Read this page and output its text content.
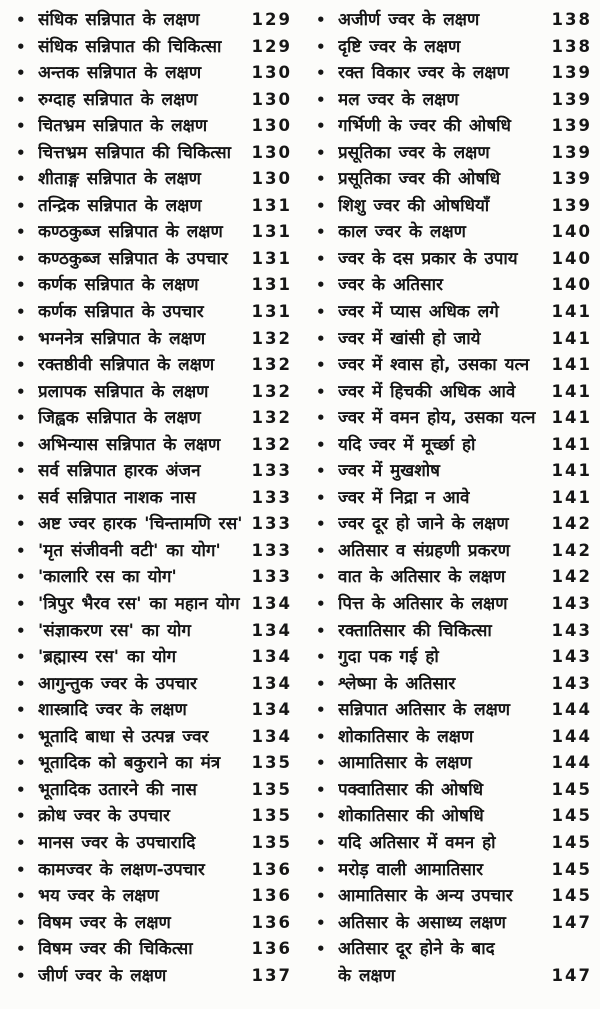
• संधिक सन्निपात के लक्षण	129
• संधिक सन्निपात की चिकित्सा	129
• अन्तक सन्निपात के लक्षण	130
• रुग्दाह सन्निपात के लक्षण	130
• चितभ्रम सन्निपात के लक्षण	130
• चित्तभ्रम सन्निपात की चिकित्सा	130
• शीताङ्ग सन्निपात के लक्षण	130
• तन्द्रिक सन्निपात के लक्षण	131
• कण्ठकुब्ज सन्निपात के लक्षण	131
• कण्ठकुब्ज सन्निपात के उपचार	131
• कर्णक सन्निपात के लक्षण	131
• कर्णक सन्निपात के उपचार	131
• भग्ननेत्र सन्निपात के लक्षण	132
• रक्तष्ठीवी सन्निपात के लक्षण	132
• प्रलापक सन्निपात के लक्षण	132
• जिह्वक सन्निपात के लक्षण	132
• अभिन्यास सन्निपात के लक्षण	132
• सर्व सन्निपात हारक अंजन	133
• सर्व सन्निपात नाशक नास	133
• अष्ट ज्वर हारक 'चिन्तामणि रस' 133
• 'मृत संजीवनी वटी' का योग'	133
• 'कालारि रस का योग'	133
• 'त्रिपुर भैरव रस' का महान योग 134
• 'संज्ञाकरण रस' का योग	134
• 'ब्रह्मास्य रस' का योग	134
• आगुन्तुक ज्वर के उपचार	134
• शास्त्रादि ज्वर के लक्षण	134
• भूतादि बाधा से उत्पन्न ज्वर	134
• भूतादिक को बकुराने का मंत्र	135
• भूतादिक उतारने की नास	135
• क्रोध ज्वर के उपचार	135
• मानस ज्वर के उपचारादि	135
• कामज्वर के लक्षण-उपचार	136
• भय ज्वर के लक्षण	136
• विषम ज्वर के लक्षण	136
• विषम ज्वर की चिकित्सा	136
• जीर्ण ज्वर के लक्षण	137
• अजीर्ण ज्वर के लक्षण	138
• दृष्टि ज्वर के लक्षण	138
• रक्त विकार ज्वर के लक्षण	139
• मल ज्वर के लक्षण	139
• गर्भिणी के ज्वर की ओषधि	139
• प्रसूतिका ज्वर के लक्षण	139
• प्रसूतिका ज्वर की ओषधि	139
• शिशु ज्वर की ओषधियाँ	139
• काल ज्वर के लक्षण	140
• ज्वर के दस प्रकार के उपाय	140
• ज्वर के अतिसार	140
• ज्वर में प्यास अधिक लगे	141
• ज्वर में खांसी हो जाये	141
• ज्वर में श्वास हो, उसका यत्न	141
• ज्वर में हिचकी अधिक आवे	141
• ज्वर में वमन होय, उसका यत्न 141
• यदि ज्वर में मूर्च्छा हो	141
• ज्वर में मुखशोष	141
• ज्वर में निद्रा न आवे	141
• ज्वर दूर हो जाने के लक्षण	142
• अतिसार व संग्रहणी प्रकरण	142
• वात के अतिसार के लक्षण	142
• पित्त के अतिसार के लक्षण	143
• रक्तातिसार की चिकित्सा	143
• गुदा पक गई हो	143
• श्लेष्मा के अतिसार	143
• सन्निपात अतिसार के लक्षण	144
• शोकातिसार के लक्षण	144
• आमातिसार के लक्षण	144
• पक्वातिसार की ओषधि	145
• शोकातिसार की ओषधि	145
• यदि अतिसार में वमन हो	145
• मरोड़ वाली आमातिसार	145
• आमातिसार के अन्य उपचार	145
• अतिसार के असाध्य लक्षण	147
• अतिसार दूर होने के बाद
के लक्षण	147
